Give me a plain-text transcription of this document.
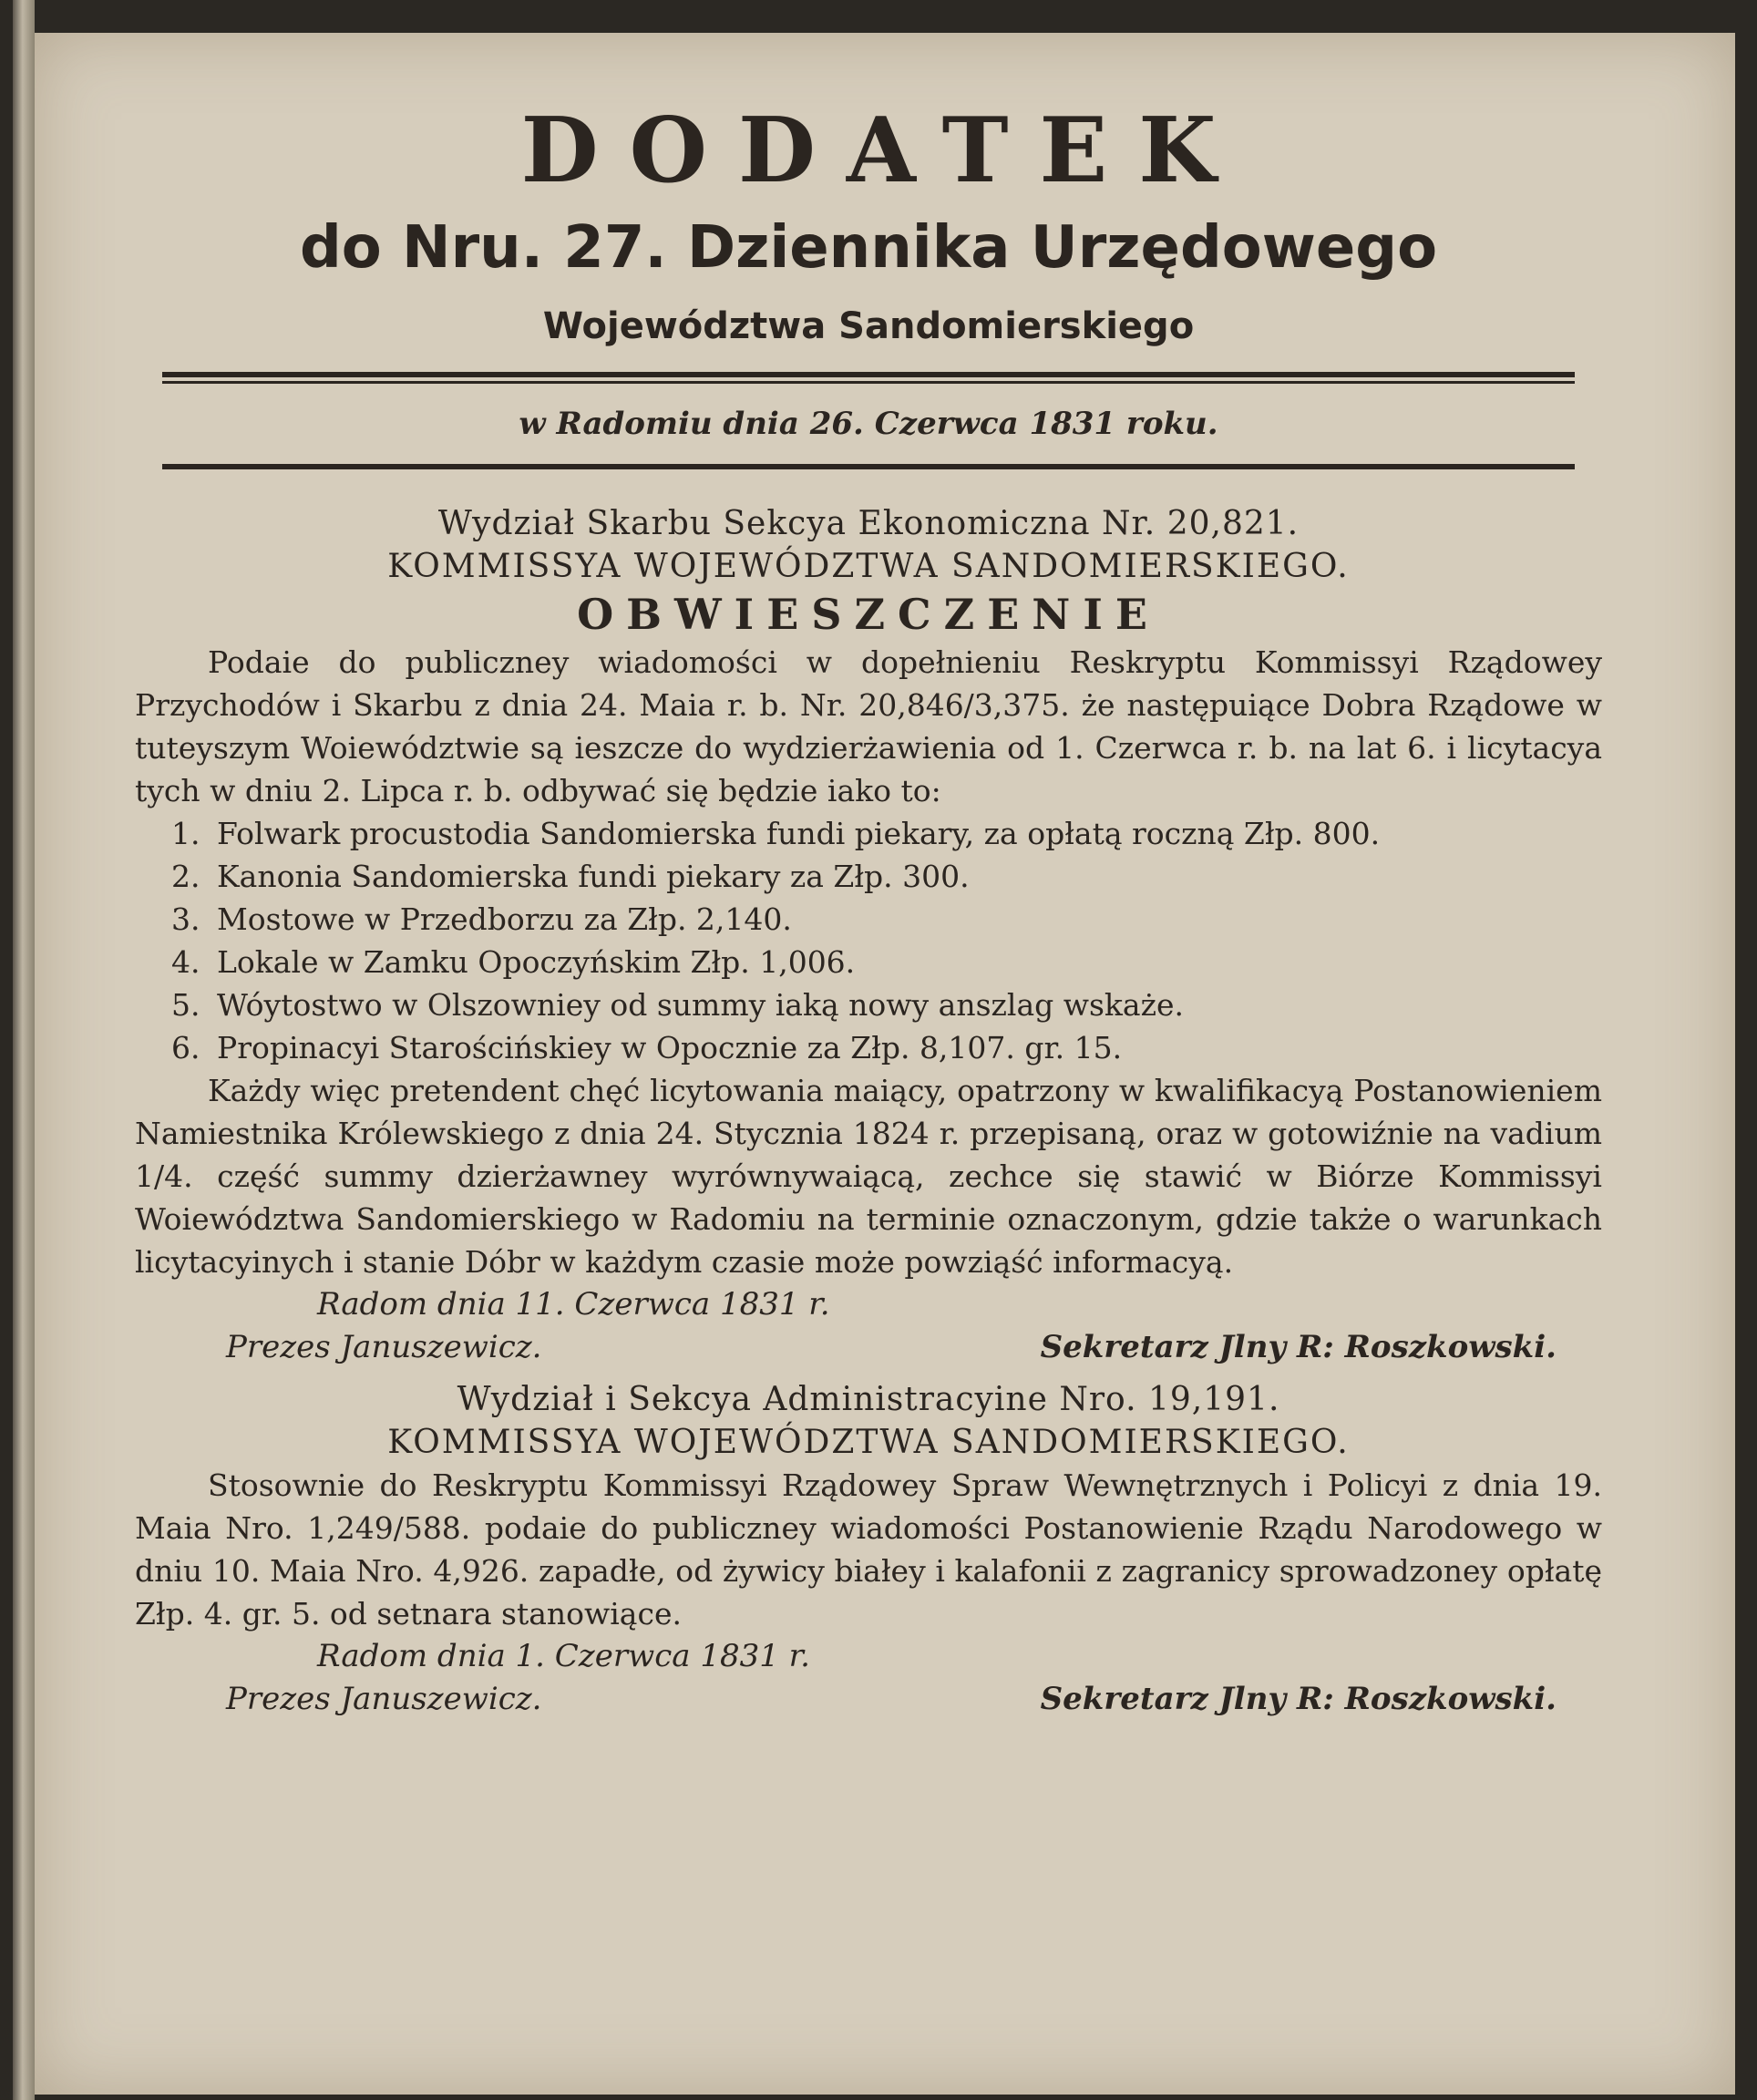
DODATEK
do Nru. 27. Dziennika Urzędowego
Województwa Sandomierskiego
w Radomiu dnia 26. Czerwca 1831 roku.

Wydział Skarbu Sekcya Ekonomiczna Nr. 20,821.

KOMMISSYA WOJEWÓDZTWA SANDOMIERSKIEGO.

OBWIESZCZENIE

Podaie do publiczney wiadomości w dopełnieniu Reskryptu Kommissyi Rządowey Przychodów i Skarbu z dnia 24. Maia r. b. Nr. 20,846/3,375. że następuiące Dobra Rządowe w tuteyszym Woiewództwie są ieszcze do wydzierżawienia od 1. Czerwca r. b. na lat 6. i licytacya tych w dniu 2. Lipca r. b. odbywać się będzie iako to:

1. Folwark procustodia Sandomierska fundi piekary, za opłatą roczną Złp. 800.
2. Kanonia Sandomierska fundi piekary za Złp. 300.
3. Mostowe w Przedborzu za Złp. 2,140.
4. Lokale w Zamku Opoczyńskim Złp. 1,006.
5. Wóytostwo w Olszowniey od summy iaką nowy anszlag wskaże.
6. Propinacyi Starościńskiey w Opocznie za Złp. 8,107. gr. 15.

Każdy więc pretendent chęć licytowania maiący, opatrzony w kwalifikacyą Postanowieniem Namiestnika Królewskiego z dnia 24. Stycznia 1824 r. przepisaną, oraz w gotowiźnie na vadium 1/4. część summy dzierżawney wyrównywaiącą, zechce się stawić w Biórze Kommissyi Woiewództwa Sandomierskiego w Radomiu na terminie oznaczonym, gdzie także o warunkach licytacyinych i stanie Dóbr w każdym czasie może powziąść informacyą.

Radom dnia 11. Czerwca 1831 r.

Prezes Januszewicz.	Sekretarz Jlny R: Roszkowski.

Wydział i Sekcya Administracyine Nro. 19,191.

KOMMISSYA WOJEWÓDZTWA SANDOMIERSKIEGO.

Stosownie do Reskryptu Kommissyi Rządowey Spraw Wewnętrznych i Policyi z dnia 19. Maia Nro. 1,249/588. podaie do publiczney wiadomości Postanowienie Rządu Narodowego w dniu 10. Maia Nro. 4,926. zapadłe, od żywicy białey i kalafonii z zagranicy sprowadzoney opłatę Złp. 4. gr. 5. od setnara stanowiące.

Radom dnia 1. Czerwca 1831 r.

Prezes Januszewicz.	Sekretarz Jlny R: Roszkowski.
